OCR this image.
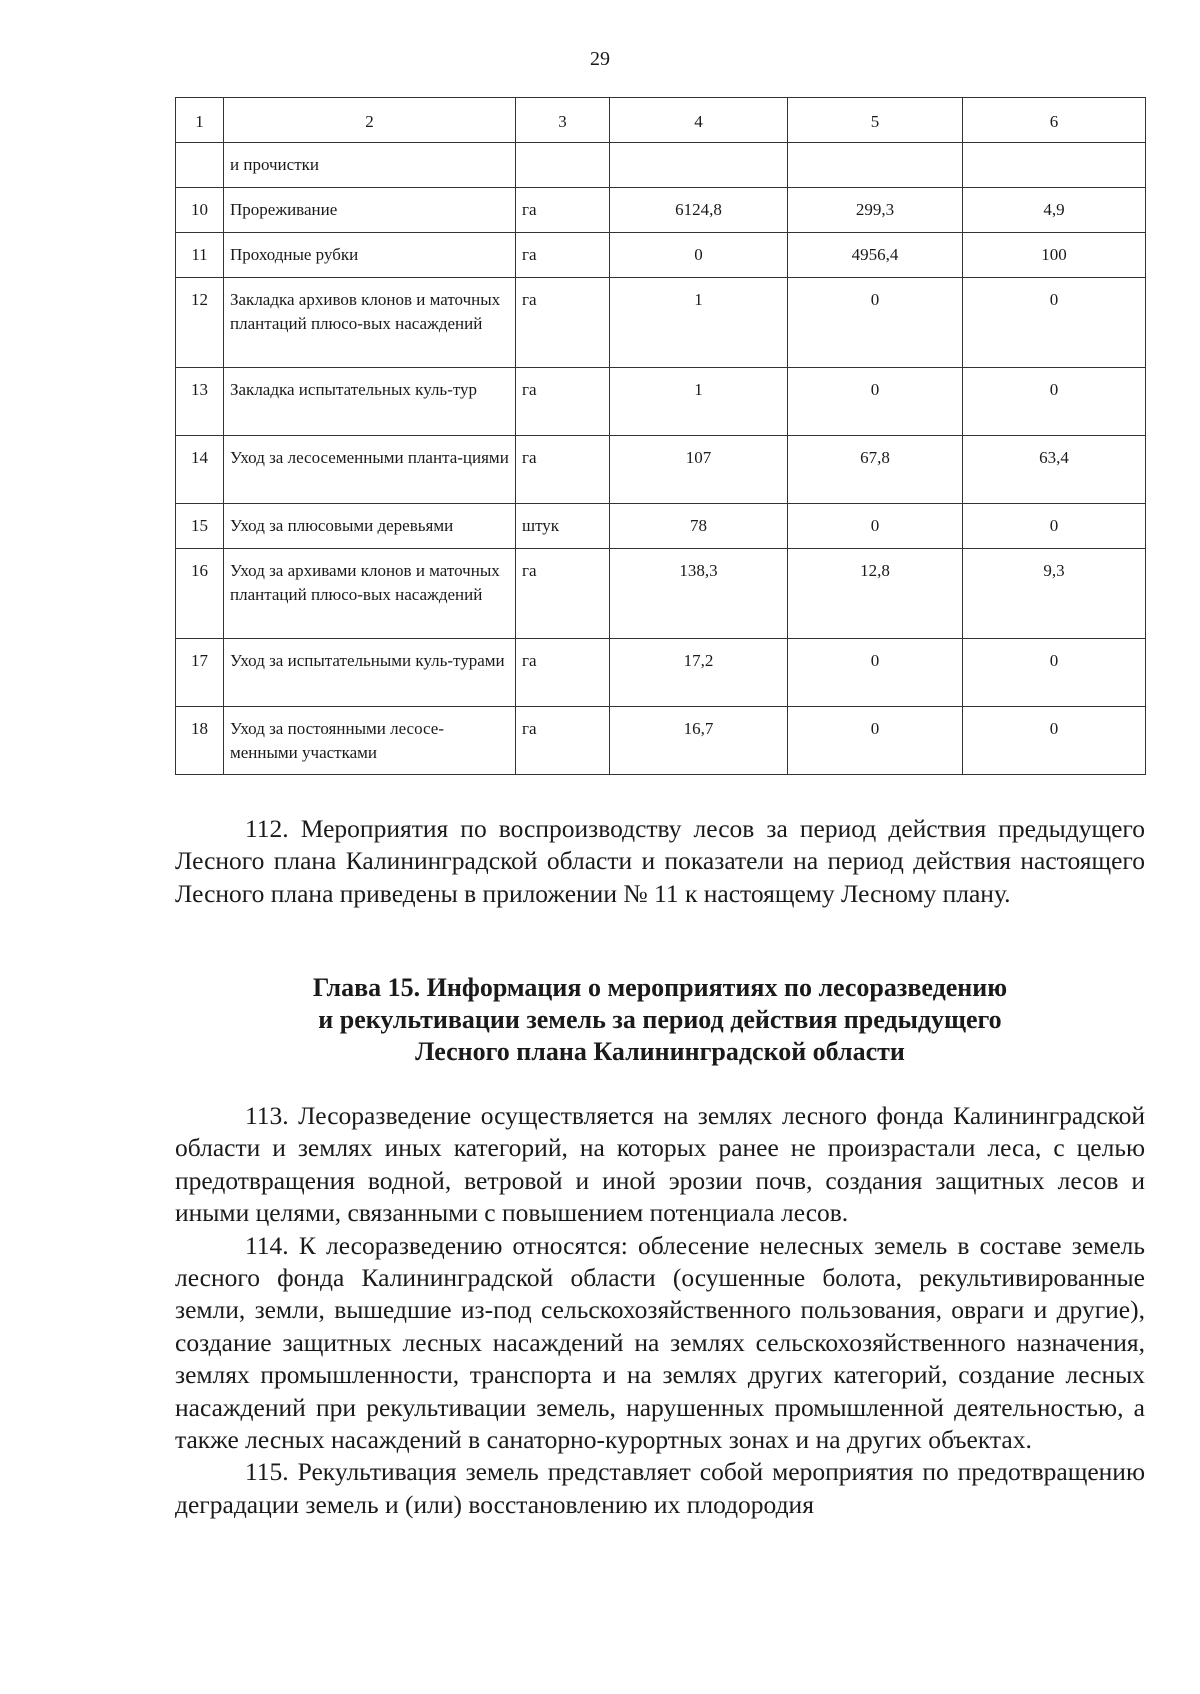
29
1	2	3	4	5	6
	и прочистки				
10	Прореживание	га	6124,8	299,3	4,9
11	Проходные рубки	га	0	4956,4	100
12	Закладка архивов клонов и маточных плантаций плюсо-вых насаждений	га	1	0	0
13	Закладка испытательных куль-тур	га	1	0	0
14	Уход за лесосеменными планта-циями	га	107	67,8	63,4
15	Уход за плюсовыми деревьями	штук	78	0	0
16	Уход за архивами клонов и маточных плантаций плюсо-вых насаждений	га	138,3	12,8	9,3
17	Уход за испытательными куль-турами	га	17,2	0	0
18	Уход за постоянными лесосе-менными участками	га	16,7	0	0

112. Мероприятия по воспроизводству лесов за период действия предыдущего Лесного плана Калининградской области и показатели на период действия настоящего Лесного плана приведены в приложении № 11 к настоящему Лесному плану.

Глава 15. Информация о мероприятиях по лесоразведению
и рекультивации земель за период действия предыдущего
Лесного плана Калининградской области

113. Лесоразведение осуществляется на землях лесного фонда Калининградской области и землях иных категорий, на которых ранее не произрастали леса, с целью предотвращения водной, ветровой и иной эрозии почв, создания защитных лесов и иными целями, связанными с повышением потенциала лесов.

114. К лесоразведению относятся: облесение нелесных земель в составе земель лесного фонда Калининградской области (осушенные болота, рекультивированные земли, земли, вышедшие из-под сельскохозяйственного пользования, овраги и другие), создание защитных лесных насаждений на землях сельскохозяйственного назначения, землях промышленности, транспорта и на землях других категорий, создание лесных насаждений при рекультивации земель, нарушенных промышленной деятельностью, а также лесных насаждений в санаторно-курортных зонах и на других объектах.

115. Рекультивация земель представляет собой мероприятия по предотвращению деградации земель и (или) восстановлению их плодородия
